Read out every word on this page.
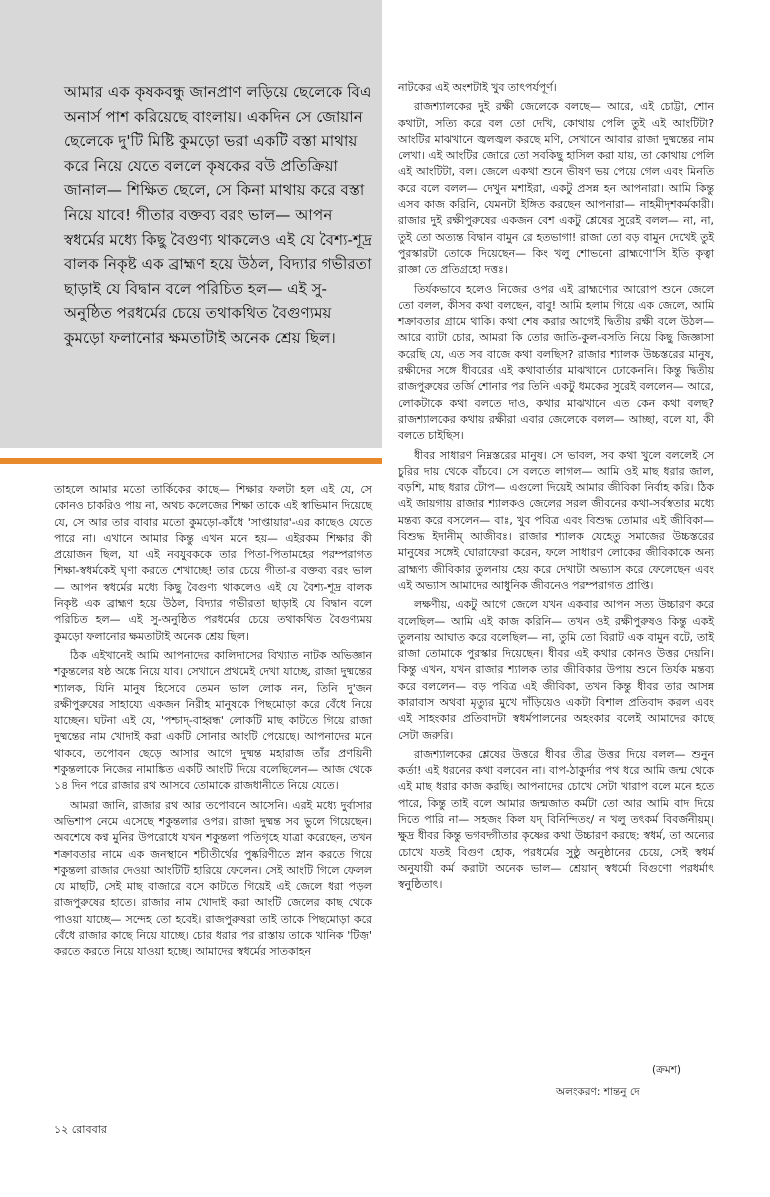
আমার এক কৃষকবন্ধু জানপ্রাণ লড়িয়ে ছেলেকে বিএ অনার্স পাশ করিয়েছে বাংলায়। একদিন সে জোয়ান ছেলেকে দু'টি মিষ্টি কুমড়ো ভরা একটি বস্তা মাথায় করে নিয়ে যেতে বললে কৃষকের বউ প্রতিক্রিয়া জানাল— শিক্ষিত ছেলে, সে কিনা মাথায় করে বস্তা নিয়ে যাবে! গীতার বক্তব্য বরং ভাল— আপন স্বধর্মের মধ্যে কিছু বৈগুণ্য থাকলেও এই যে বৈশ্য-শূদ্র বালক নিকৃষ্ট এক ব্রাহ্মণ হয়ে উঠল, বিদ্যার গভীরতা ছাড়াই যে বিদ্বান বলে পরিচিত হল— এই সু-অনুষ্ঠিত পরধর্মের চেয়ে তথাকথিত বৈগুণ্যময় কুমড়ো ফলানোর ক্ষমতাটাই অনেক শ্রেয় ছিল।

তাহলে আমার মতো তার্কিকের কাছে— শিক্ষার ফলটা হল এই যে, সে কোনও চাকরিও পায় না, অথচ কলেজের শিক্ষা তাকে এই স্বাভিমান দিয়েছে যে, সে আর তার বাবার মতো কুমড়ো-কাঁধে 'সাপ্তায়ার'-এর কাছেও যেতে পারে না। এখানে আমার কিন্তু এখন মনে হয়— এইরকম শিক্ষার কী প্রয়োজন ছিল, যা এই নবযুবককে তার পিতা-পিতামহের পরম্পরাগত শিক্ষা-স্বধর্মকেই ঘৃণা করতে শেখাচ্ছে! তার চেয়ে গীতা-র বক্তব্য বরং ভাল— আপন স্বধর্মের মধ্যে কিছু বৈগুণ্য থাকলেও এই যে বৈশ্য-শূদ্র বালক নিকৃষ্ট এক ব্রাহ্মণ হয়ে উঠল, বিদ্যার গভীরতা ছাড়াই যে বিদ্বান বলে পরিচিত হল— এই সু-অনুষ্ঠিত পরধর্মের চেয়ে তথাকথিত বৈগুণ্যময় কুমড়ো ফলানোর ক্ষমতাটাই অনেক শ্রেয় ছিল।

ঠিক এইখানেই আমি আপনাদের কালিদাসের বিখ্যাত নাটক অভিজ্ঞান শকুন্তলের ষষ্ঠ অঙ্কে নিয়ে যাব। সেখানে প্রথমেই দেখা যাচ্ছে, রাজা দুষ্মন্তের শ্যালক, যিনি মানুষ হিসেবে তেমন ভাল লোক নন, তিনি দু'জন রক্ষীপুরুষের সাহায্যে একজন নিরীহ মানুষকে পিছমোড়া করে বেঁধে নিয়ে যাচ্ছেন। ঘটনা এই যে, 'পশ্চাদ্-বাহ্বন্ধ' লোকটি মাছ কাটতে গিয়ে রাজা দুষ্মন্তের নাম খোদাই করা একটি সোনার আংটি পেয়েছে। আপনাদের মনে থাকবে, তপোবন ছেড়ে আসার আগে দুষ্মন্ত মহারাজ তাঁর প্রণয়িনী শকুন্তলাকে নিজের নামাঙ্কিত একটি আংটি দিয়ে বলেছিলেন— আজ থেকে ১৪ দিন পরে রাজার রথ আসবে তোমাকে রাজধানীতে নিয়ে যেতে।

আমরা জানি, রাজার রথ আর তপোবনে আসেনি। এরই মধ্যে দুর্বাসার অভিশাপ নেমে এসেছে শকুন্তলার ওপর। রাজা দুষ্মন্ত সব ভুলে গিয়েছেন। অবশেষে কণ্ব মুনির উপরোধে যখন শকুন্তলা পতিগৃহে যাত্রা করেছেন, তখন শক্রাবতার নামে এক জনস্থানে শচীতীর্থের পুষ্করিণীতে স্নান করতে গিয়ে শকুন্তলা রাজার দেওয়া আংটিটি হারিয়ে ফেলেন। সেই আংটি গিলে ফেলল যে মাছটি, সেই মাছ বাজারে বসে কাটতে গিয়েই এই জেলে ধরা পড়ল রাজপুরুষের হাতে। রাজার নাম খোদাই করা আংটি জেলের কাছ থেকে পাওয়া যাচ্ছে— সন্দেহ তো হবেই। রাজপুরুষরা তাই তাকে পিছমোড়া করে বেঁধে রাজার কাছে নিয়ে যাচ্ছে। চোর ধরার পর রাস্তায় তাকে খানিক 'টিজ়' করতে করতে নিয়ে যাওয়া হচ্ছে। আমাদের স্বধর্মের সাতকাহন

নাটকের এই অংশটাই খুব তাৎপর্যপূর্ণ।

রাজশ্যালকের দুই রক্ষী জেলেকে বলছে— আরে, এই চোট্টা, শোন কথাটা, সত্যি করে বল তো দেখি, কোথায় পেলি তুই এই আংটিটা? আংটির মাঝখানে জ্বলজ্বল করছে মণি, সেখানে আবার রাজা দুষ্মন্তের নাম লেখা। এই আংটির জোরে তো সবকিছু হাসিল করা যায়, তা কোথায় পেলি এই আংটিটা, বল। জেলে একথা শুনে ভীষণ ভয় পেয়ে গেল এবং মিনতি করে বলে বলল— দেখুন মশাইরা, একটু প্রসন্ন হন আপনারা। আমি কিন্তু এসব কাজ করিনি, যেমনটা ইঙ্গিত করছেন আপনারা— নাহমীদৃশকর্মকারী। রাজার দুই রক্ষীপুরুষের একজন বেশ একটু শ্লেষের সুরেই বলল— না, না, তুই তো অত্যন্ত বিদ্বান বামুন রে হতভাগা! রাজা তো বড় বামুন দেখেই তুই পুরস্কারটা তোকে দিয়েছেন— কিং খলু শোভনো ব্রাহ্মণো'সি ইতি কৃত্বা রাজ্ঞা তে প্রতিগ্রহো দত্তঃ।

তির্যকভাবে হলেও নিজের ওপর এই ব্রাহ্মণ্যের আরোপ শুনে জেলে তো বলল, কীসব কথা বলছেন, বাবু! আমি হলাম গিয়ে এক জেলে, আমি শক্রাবতার গ্রামে থাকি। কথা শেষ করার আগেই দ্বিতীয় রক্ষী বলে উঠল— আরে ব্যাটা চোর, আমরা কি তোর জাতি-কুল-বসতি নিয়ে কিছু জিজ্ঞাসা করেছি যে, এত সব বাজে কথা বলছিস? রাজার শ্যালক উচ্চস্তরের মানুষ, রক্ষীদের সঙ্গে ধীবরের এই কথাবার্তার মাঝখানে ঢোকেননি। কিন্তু দ্বিতীয় রাজপুরুষের তর্জি শোনার পর তিনি একটু ধমকের সুরেই বললেন— আরে, লোকটাকে কথা বলতে দাও, কথার মাঝখানে এত কেন কথা বলছ? রাজশ্যালকের কথায় রক্ষীরা এবার জেলেকে বলল— আচ্ছা, বলে যা, কী বলতে চাইছিস।

ধীবর সাধারণ নিম্নস্তরের মানুষ। সে ভাবল, সব কথা খুলে বললেই সে চুরির দায় থেকে বাঁচবে। সে বলতে লাগল— আমি ওই মাছ ধরার জাল, বড়শি, মাছ ধরার টোপ— এগুলো দিয়েই আমার জীবিকা নির্বাহ করি। ঠিক এই জায়গায় রাজার শ্যালকও জেলের সরল জীবনের কথা-সর্বস্বতার মধ্যে মন্তব্য করে বসলেন— বাঃ, খুব পবিত্র এবং বিশুদ্ধ তোমার এই জীবিকা— বিশুদ্ধ ইদানীম্ আজীবঃ। রাজার শ্যালক যেহেতু সমাজের উচ্চস্তরের মানুষের সঙ্গেই ঘোরাফেরা করেন, ফলে সাধারণ লোকের জীবিকাকে অন্য ব্রাহ্মণ্য জীবিকার তুলনায় হেয় করে দেখাটা অভ্যাস করে ফেলেছেন এবং এই অভ্যাস আমাদের আধুনিক জীবনেও পরম্পরাগত প্রাপ্তি।

লক্ষণীয়, একটু আগে জেলে যখন একবার আপন সত্য উচ্চারণ করে বলেছিল— আমি এই কাজ করিনি— তখন ওই রক্ষীপুরুষও কিন্তু একই তুলনায় আঘাত করে বলেছিল— না, তুমি তো বিরাট এক বামুন বটে, তাই রাজা তোমাকে পুরস্কার দিয়েছেন। ধীবর এই কথার কোনও উত্তর দেয়নি। কিন্তু এখন, যখন রাজার শ্যালক তার জীবিকার উপায় শুনে তির্যক মন্তব্য করে বললেন— বড় পবিত্র এই জীবিকা, তখন কিন্তু ধীবর তার আসন্ন কারাবাস অথবা মৃত্যুর মুখে দাঁড়িয়েও একটা বিশাল প্রতিবাদ করল এবং এই সাহংকার প্রতিবাদটা স্বধর্মপালনের অহংকার বলেই আমাদের কাছে সেটা জরুরি।

রাজশ্যালকের শ্লেষের উত্তরে ধীবর তীব্র উত্তর দিয়ে বলল— শুনুন কর্তা! এই ধরনের কথা বলবেন না। বাপ-ঠাকুর্দার পথ ধরে আমি জন্ম থেকে এই মাছ ধরার কাজ করছি। আপনাদের চোখে সেটা খারাপ বলে মনে হতে পারে, কিন্তু তাই বলে আমার জন্মজাত কর্মটা তো আর আমি বাদ দিয়ে দিতে পারি না— সহজং কিল যদ্ বিনিন্দিতং/ ন খলু তৎকর্ম বিবর্জনীয়ম্। ক্ষুদ্র ধীবর কিন্তু ভগবদ্গীতার কৃষ্ণের কথা উচ্চারণ করছে: স্বধর্ম, তা অন্যের চোখে যতই বিগুণ হোক, পরধর্মের সুষ্ঠু অনুষ্ঠানের চেয়ে, সেই স্বধর্ম অনুযায়ী কর্ম করাটা অনেক ভাল— শ্রেয়ান্ স্বধর্মো বিগুণো পরধর্মাৎ স্বনুষ্ঠিতাৎ।

(ক্রমশ)
অলংকরণ: শান্তনু দে
১২ রোববার
